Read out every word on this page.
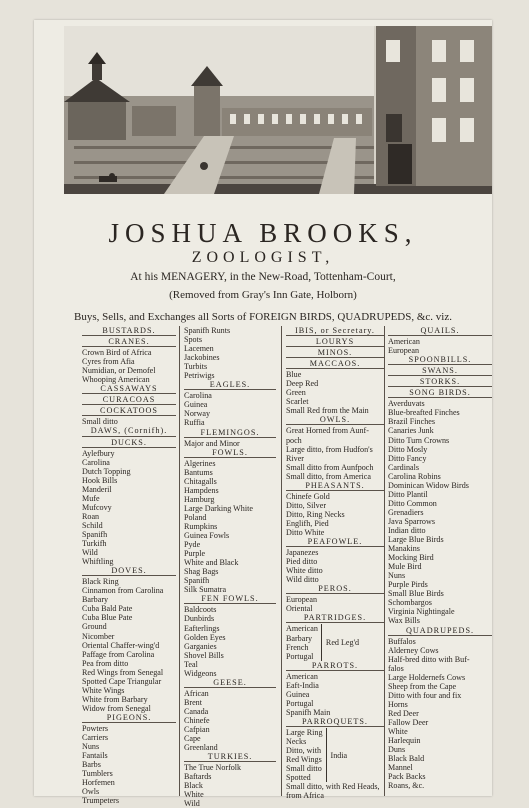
JOSHUA BROOKS,
ZOOLOGIST,
At his MENAGERY, in the New-Road, Tottenham-Court,
(Removed from Gray's Inn Gate, Holborn)
Buys, Sells, and Exchanges all Sorts of FOREIGN BIRDS, QUADRUPEDS, &c. viz.
BUSTARDS.
CRANES.
Crown Bird of Africa
Cyres from Afia
Numidian, or Demofel
Whooping American
CASSAWAYS
CURACOAS
COCKATOOS
Small ditto
DAWS, (Cornifh).
DUCKS.
Aylefbury
Carolina
Dutch Topping
Hook Bills
Manderil
Mufe
Mufcovy
Roan
Schild
Spanifh
Turkifh
Wild
Whiftling
DOVES.
Black Ring
Cinnamon from Carolina
Barbary
Cuba Bald Pate
Cuba Blue Pate
Ground
Nicomber
Oriental Chaffer-wing'd
Paffage from Carolina
Pea from ditto
Red Wings from Senegal
Spotted Cape Triangular
White Wings
White from Barbary
Widow from Senegal
PIGEONS.
Powters
Carriers
Nuns
Fantails
Barbs
Tumblers
Horfemen
Owls
Trumpeters
Spanifh Runts
Spots
Lacemen
Jackobines
Turbits
Petriwigs
EAGLES.
Carolina
Guinea
Norway
Ruffia
FLEMINGOS.
Major and Minor
FOWLS.
Algerines
Bantums
Chitagalls
Hampdens
Hamburg
Large Darking White
Poland
Rumpkins
Guinea Fowls
Pyde
Purple
White and Black
Shag Bags
Spanifh
Silk Sumatra
FEN FOWLS.
Baldcoots
Dunbirds
Eafterlings
Golden Eyes
Garganies
Shovel Bills
Teal
Widgeons
GEESE.
African
Brent
Canada
Chinefe
Cafpian
Cape
Greenland
TURKIES.
The True Norfolk
Baftards
Black
White
Wild
IBIS, or Secretary.
LOURYS
MINOS.
MACCAOS.
Blue
Deep Red
Green
Scarlet
Small Red from the Main
OWLS.
Great Horned from Aunf-
poch
Large ditto, from Hudfon's
River
Small ditto from Aunfpoch
Small ditto, from America
PHEASANTS.
Chinefe Gold
Ditto, Silver
Ditto, Ring Necks
Englifh, Pied
Ditto White
PEAFOWLE.
Japanezes
Pied ditto
White ditto
Wild ditto
PEROS.
European
Oriental
PARTRIDGES.
American
Barbary
French
Portugal
Red Leg'd
PARROTS.
American
Eaft-India
Guinea
Portugal
Spanifh Main
PARROQUETS.
Large Ring
Necks
Ditto, with
Red Wings
Small ditto
Spotted
India
Small ditto, with Red Heads,
from Africa
QUAILS.
American
European
SPOONBILLS.
SWANS.
STORKS.
SONG BIRDS.
Averduvats
Blue-breafted Finches
Brazil Finches
Canaries Junk
Ditto Turn Crowns
Ditto Mosly
Ditto Fancy
Cardinals
Carolina Robins
Dominican Widow Birds
Ditto Plantil
Ditto Common
Grenadiers
Java Sparrows
Indian ditto
Large Blue Birds
Manakins
Mocking Bird
Mule Bird
Nuns
Purple Pirds
Small Blue Birds
Schombargos
Virginia Nightingale
Wax Bills
QUADRUPEDS.
Buffalos
Alderney Cows
Half-bred ditto with Buf-
falos
Large Holdernefs Cows
Sheep from the Cape
Ditto with four and fix
Horns
Red Deer
Fallow Deer
White
Harlequin
Duns
Black Bald
Mannel
Pack Backs
Roans, &c.
